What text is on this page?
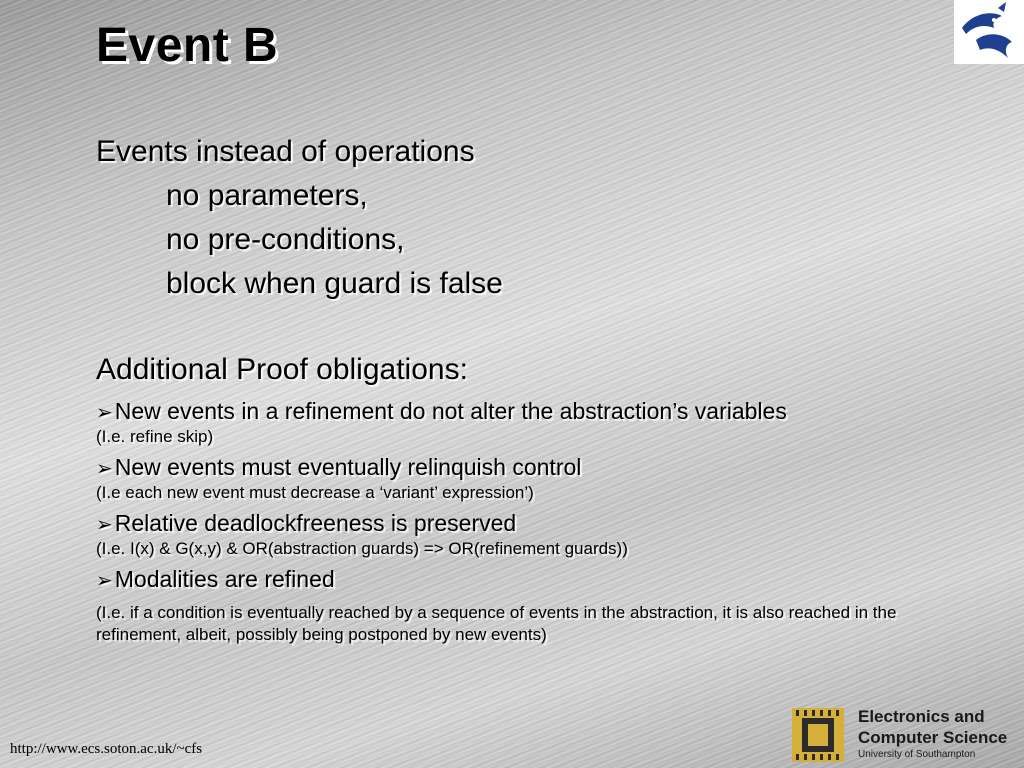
Event B
Events instead of operations
no parameters,
no pre-conditions,
block when guard is false
Additional Proof obligations:
➢New events in a refinement do not alter the abstraction’s variables
(I.e. refine skip)
➢New events must eventually relinquish control
(I.e each new event must decrease a ‘variant’ expression’)
➢Relative deadlockfreeness is preserved
(I.e. I(x) & G(x,y) & OR(abstraction guards) => OR(refinement guards))
➢Modalities are refined
(I.e. if a condition is eventually reached by a sequence of events in the abstraction, it is also reached in the refinement, albeit, possibly being postponed by new events)
http://www.ecs.soton.ac.uk/~cfs
Electronics and
Computer Science
University of Southampton
